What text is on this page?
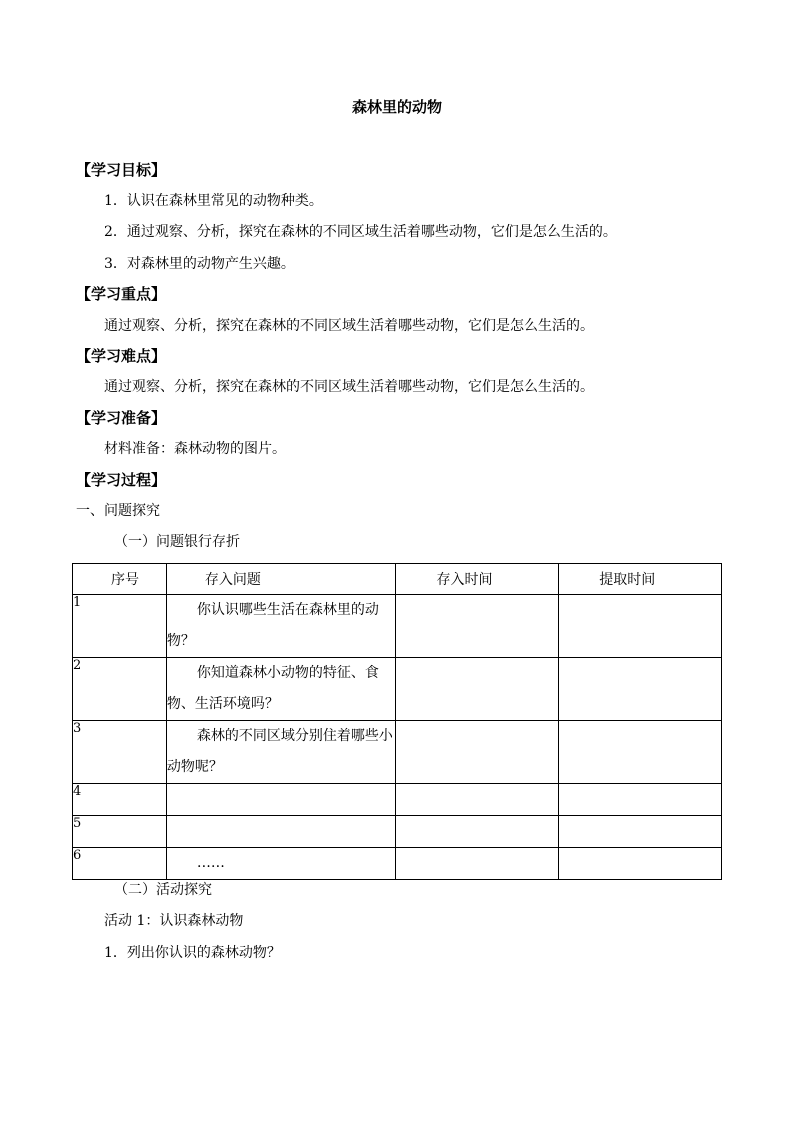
森林里的动物
【学习目标】
1．认识在森林里常见的动物种类。
2．通过观察、分析，探究在森林的不同区域生活着哪些动物，它们是怎么生活的。
3．对森林里的动物产生兴趣。
【学习重点】
通过观察、分析，探究在森林的不同区域生活着哪些动物，它们是怎么生活的。
【学习难点】
通过观察、分析，探究在森林的不同区域生活着哪些动物，它们是怎么生活的。
【学习准备】
材料准备：森林动物的图片。
【学习过程】
一、问题探究
（一）问题银行存折
序号	存入问题	存入时间	提取时间
1	你认识哪些生活在森林里的动物？		

2	你知道森林小动物的特征、食物、生活环境吗？		

3	森林的不同区域分别住着哪些小动物呢？		

4	

5	

6	……		

（二）活动探究
活动 1：认识森林动物
1．列出你认识的森林动物？
